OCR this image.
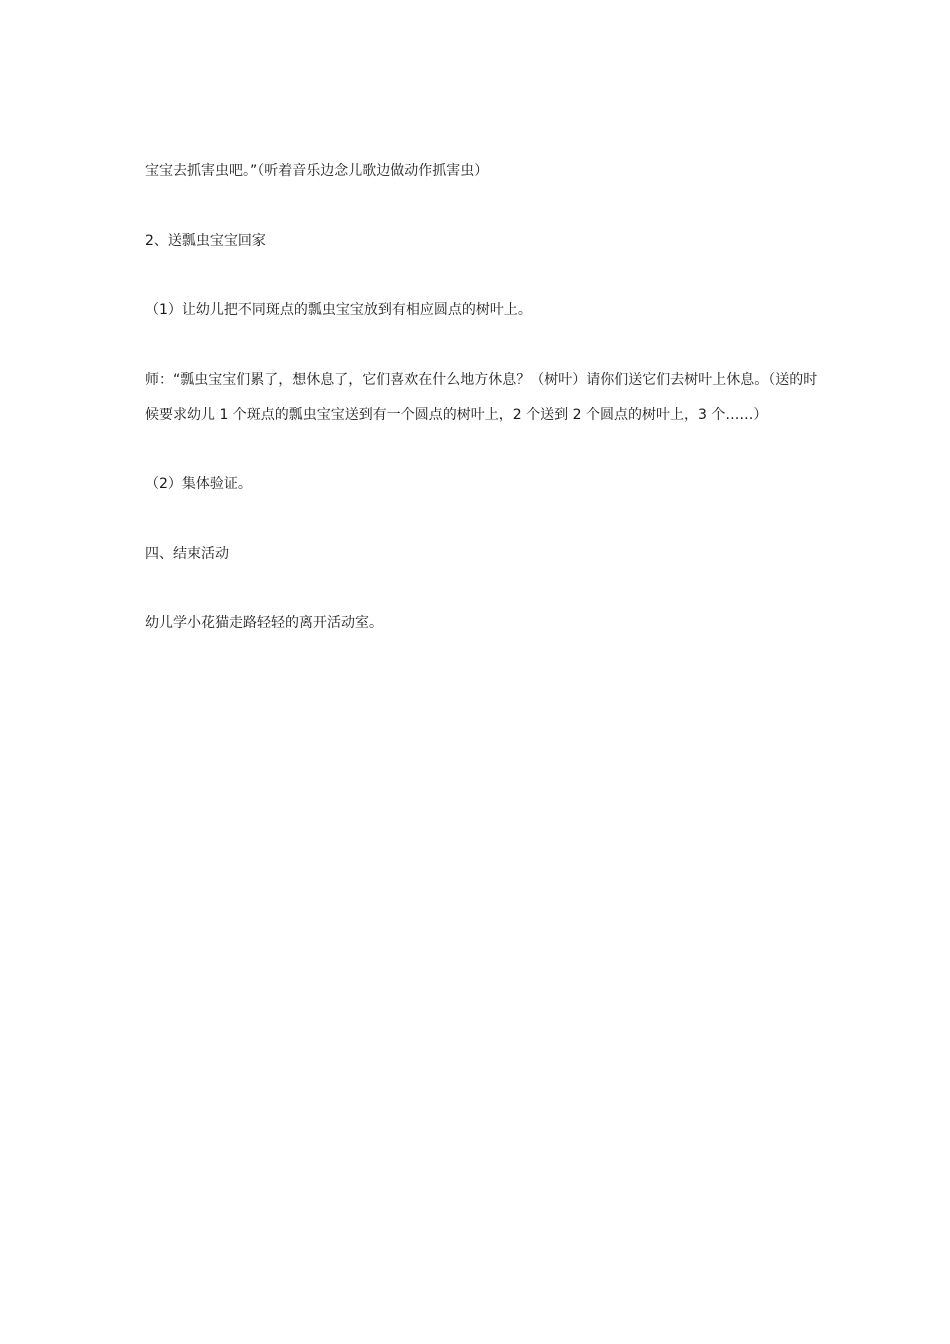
宝宝去抓害虫吧。”（听着音乐边念儿歌边做动作抓害虫）
2、送瓢虫宝宝回家
（1）让幼儿把不同斑点的瓢虫宝宝放到有相应圆点的树叶上。
师：“瓢虫宝宝们累了，想休息了，它们喜欢在什么地方休息？（树叶）请你们送它们去树叶上休息。（送的时
候要求幼儿 1 个斑点的瓢虫宝宝送到有一个圆点的树叶上，2 个送到 2 个圆点的树叶上，3 个……）
（2）集体验证。
四、结束活动
幼儿学小花猫走路轻轻的离开活动室。
